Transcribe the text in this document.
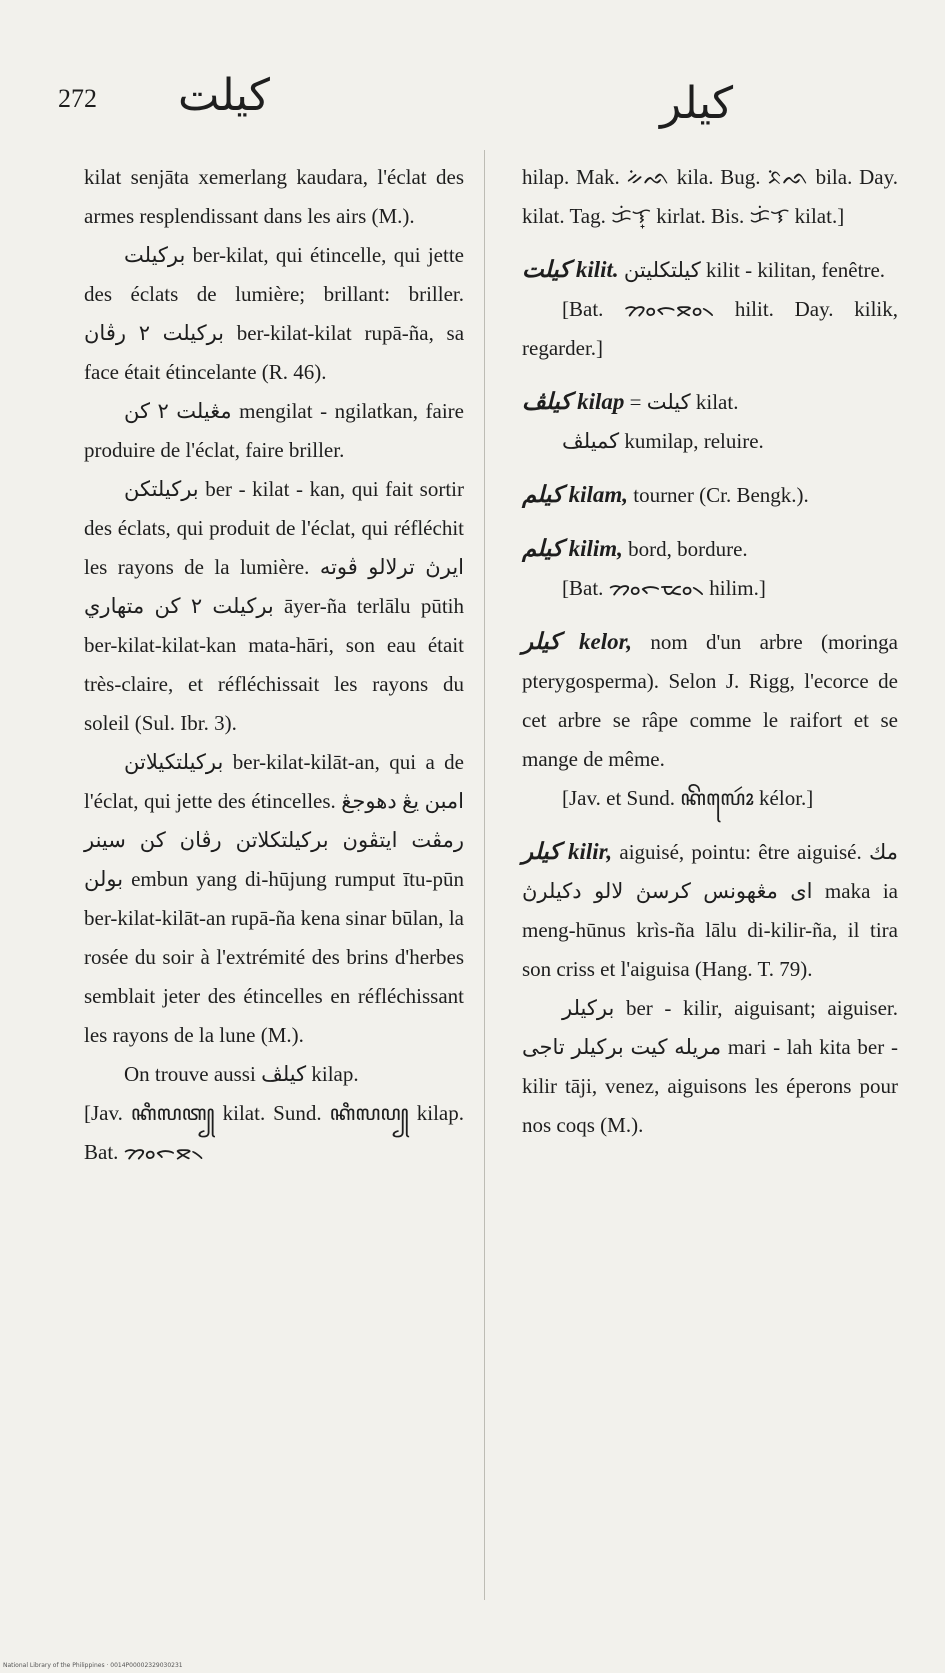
272 كيلت	كيلر

kilat senjāta xemerlang kaudara, l'éclat des armes resplendissant dans les airs (M.).

بركيلت ber-kilat, qui étincelle, qui jette des éclats de lumière; brillant: briller. بركيلت ٢ رڤان ber-kilat-kilat rupā-ña, sa face était étincelante (R. 46).

مڠيلت ٢ كن mengilat - ngilatkan, faire produire de l'éclat, faire briller.

بركيلتكن ber - kilat - kan, qui fait sortir des éclats, qui produit de l'éclat, qui réfléchit les rayons de la lumière. ايرڽ ترلالو ڤوته بركيلت ٢ كن متهاري āyer-ña terlālu pūtih ber-kilat-kilat-kan mata-hāri, son eau était très-claire, et réfléchissait les rayons du soleil (Sul. Ibr. 3).

بركيلتكيلاتن ber-kilat-kilāt-an, qui a de l'éclat, qui jette des étincelles. امبن يڠ دهوجڠ رمڤت ايتڤون بركيلتكلاتن رڤان كن سينر بولن embun yang di-hūjung rumput ītu-pūn ber-kilat-kilāt-an rupā-ña kena sinar būlan, la rosée du soir à l'extrémité des brins d'herbes semblait jeter des étincelles en réfléchissant les rayons de la lune (M.).

On trouve aussi كيلڤ kilap.

[Jav. ꦏꦶꦭꦠ꧀ kilat. Sund. ꦏꦶꦭꦥ꧀ kilap. Bat. ᯂᯪᯞᯖ᯲

hilap. Mak. ᨀᨗᨒ kila. Bug. ᨅᨗᨒ bila. Day. kilat. Tag. ᜃᜒᜎ᜔ kirlat. Bis. ᜃᜒᜎ kilat.]

كيلت kilit. كيلتكليتن kilit - kilitan, fenêtre.

[Bat. ᯂᯪᯞᯪᯖ᯲ hilit. Day. kilik, regarder.]

كيلڤ kilap = كيلت kilat.

كميلڤ kumilap, reluire.

كيلم kilam, tourner (Cr. Bengk.).

كيلم kilim, bord, bordure.

[Bat. ᯂᯪᯞᯪᯔ᯲ hilim.]

كيلر kelor, nom d'un arbre (moringa pterygosperma). Selon J. Rigg, l'ecorce de cet arbre se râpe comme le raifort et se mange de même.

[Jav. et Sund. ꦏꦼꦭꦺꦴꦂ kélor.]

كيلر kilir, aiguisé, pointu: être aiguisé. مك اى مڠهونس كرسڽ لالو دكيلرڽ maka ia meng-hūnus krìs-ña lālu di-kilir-ña, il tira son criss et l'aiguisa (Hang. T. 79).

بركيلر ber - kilir, aiguisant; aiguiser. مريله كيت بركيلر تاجى mari - lah kita ber - kilir tāji, venez, aiguisons les éperons pour nos coqs (M.).

National Library of the Philippines · 0014P00002329030231
